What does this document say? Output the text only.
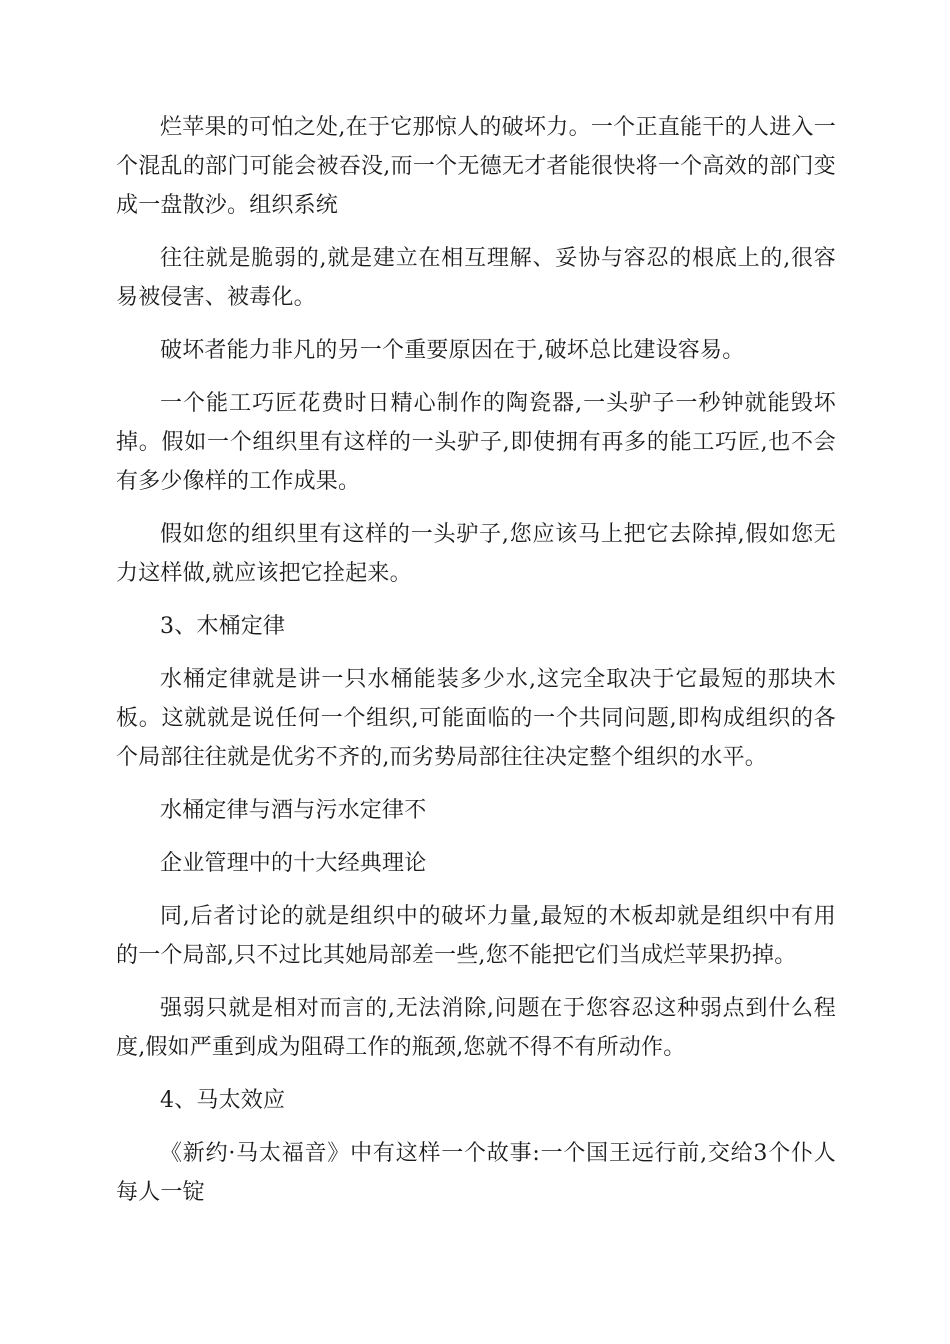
烂苹果的可怕之处,在于它那惊人的破坏力。一个正直能干的人进入一个混乱的部门可能会被吞没,而一个无德无才者能很快将一个高效的部门变成一盘散沙。组织系统

往往就是脆弱的,就是建立在相互理解、妥协与容忍的根底上的,很容易被侵害、被毒化。

破坏者能力非凡的另一个重要原因在于,破坏总比建设容易。

一个能工巧匠花费时日精心制作的陶瓷器,一头驴子一秒钟就能毁坏掉。假如一个组织里有这样的一头驴子,即使拥有再多的能工巧匠,也不会有多少像样的工作成果。

假如您的组织里有这样的一头驴子,您应该马上把它去除掉,假如您无力这样做,就应该把它拴起来。

3、木桶定律

水桶定律就是讲一只水桶能装多少水,这完全取决于它最短的那块木板。这就就是说任何一个组织,可能面临的一个共同问题,即构成组织的各个局部往往就是优劣不齐的,而劣势局部往往决定整个组织的水平。

水桶定律与酒与污水定律不

企业管理中的十大经典理论

同,后者讨论的就是组织中的破坏力量,最短的木板却就是组织中有用的一个局部,只不过比其她局部差一些,您不能把它们当成烂苹果扔掉。

强弱只就是相对而言的,无法消除,问题在于您容忍这种弱点到什么程度,假如严重到成为阻碍工作的瓶颈,您就不得不有所动作。

4、马太效应

《新约·马太福音》中有这样一个故事:一个国王远行前,交给3个仆人每人一锭
